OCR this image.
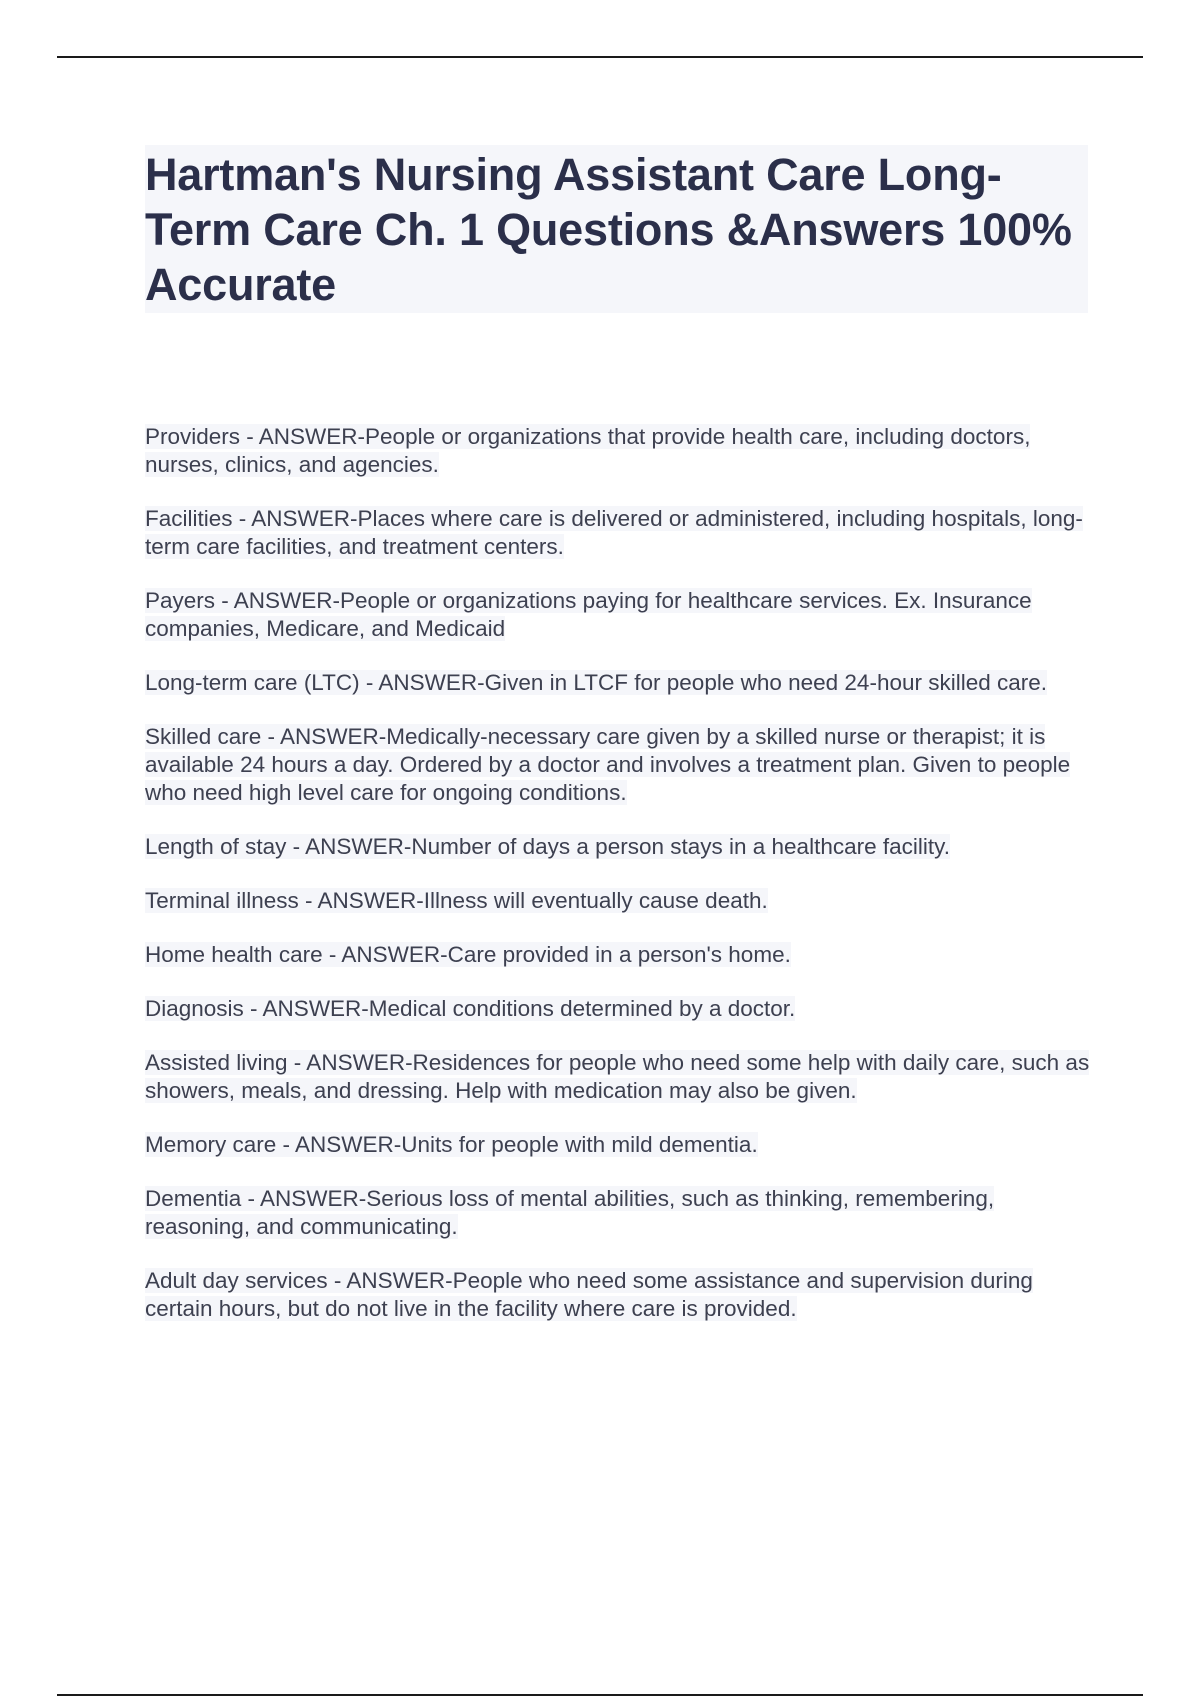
Hartman's Nursing Assistant Care Long-Term Care Ch. 1 Questions &Answers 100% Accurate

Providers - ANSWER-People or organizations that provide health care, including doctors, nurses, clinics, and agencies.

Facilities - ANSWER-Places where care is delivered or administered, including hospitals, long-term care facilities, and treatment centers.

Payers - ANSWER-People or organizations paying for healthcare services. Ex. Insurance companies, Medicare, and Medicaid

Long-term care (LTC) - ANSWER-Given in LTCF for people who need 24-hour skilled care.

Skilled care - ANSWER-Medically-necessary care given by a skilled nurse or therapist; it is available 24 hours a day. Ordered by a doctor and involves a treatment plan. Given to people who need high level care for ongoing conditions.

Length of stay - ANSWER-Number of days a person stays in a healthcare facility.

Terminal illness - ANSWER-Illness will eventually cause death.

Home health care - ANSWER-Care provided in a person's home.

Diagnosis - ANSWER-Medical conditions determined by a doctor.

Assisted living - ANSWER-Residences for people who need some help with daily care, such as showers, meals, and dressing. Help with medication may also be given.

Memory care - ANSWER-Units for people with mild dementia.

Dementia - ANSWER-Serious loss of mental abilities, such as thinking, remembering, reasoning, and communicating.

Adult day services - ANSWER-People who need some assistance and supervision during certain hours, but do not live in the facility where care is provided.
